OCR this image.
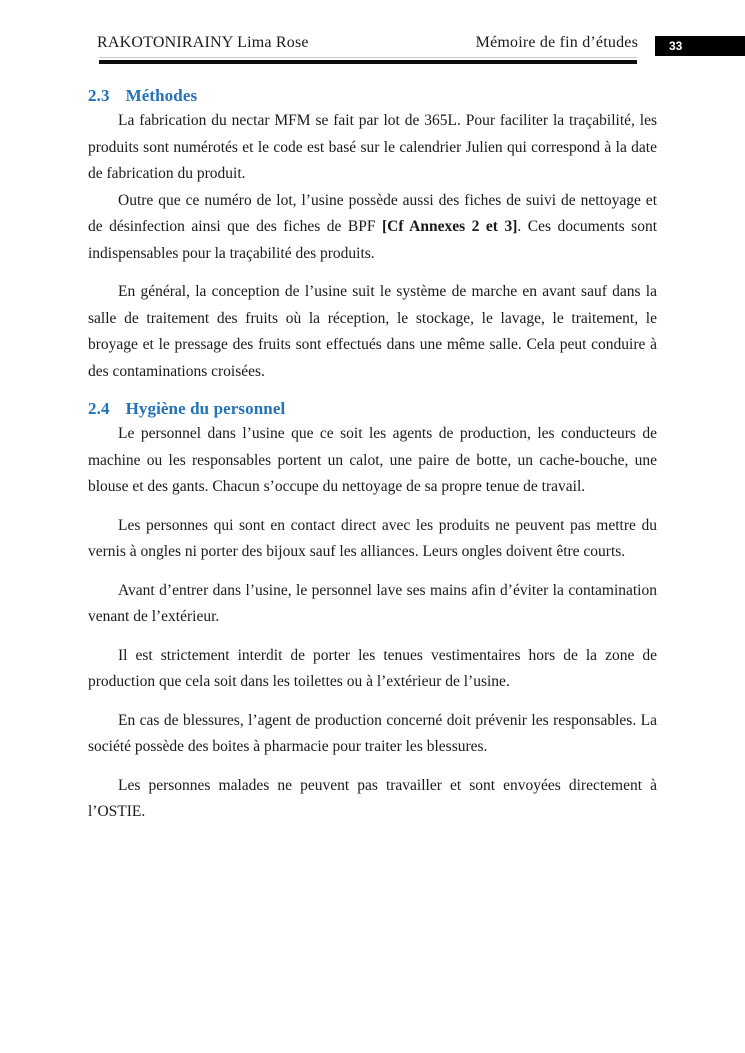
RAKOTONIRAINY Lima Rose	Mémoire de fin d’études	33
2.3 Méthodes

La fabrication du nectar MFM se fait par lot de 365L. Pour faciliter la traçabilité, les produits sont numérotés et le code est basé sur le calendrier Julien qui correspond à la date de fabrication du produit.

Outre que ce numéro de lot, l’usine possède aussi des fiches de suivi de nettoyage et de désinfection ainsi que des fiches de BPF [Cf Annexes 2 et 3]. Ces documents sont indispensables pour la traçabilité des produits.

En général, la conception de l’usine suit le système de marche en avant sauf dans la salle de traitement des fruits où la réception, le stockage, le lavage, le traitement, le broyage et le pressage des fruits sont effectués dans une même salle. Cela peut conduire à des contaminations croisées.

2.4 Hygiène du personnel

Le personnel dans l’usine que ce soit les agents de production, les conducteurs de machine ou les responsables portent un calot, une paire de botte, un cache-bouche, une blouse et des gants. Chacun s’occupe du nettoyage de sa propre tenue de travail.

Les personnes qui sont en contact direct avec les produits ne peuvent pas mettre du vernis à ongles ni porter des bijoux sauf les alliances. Leurs ongles doivent être courts.

Avant d’entrer dans l’usine, le personnel lave ses mains afin d’éviter la contamination venant de l’extérieur.

Il est strictement interdit de porter les tenues vestimentaires hors de la zone de production que cela soit dans les toilettes ou à l’extérieur de l’usine.

En cas de blessures, l’agent de production concerné doit prévenir les responsables. La société possède des boites à pharmacie pour traiter les blessures.

Les personnes malades ne peuvent pas travailler et sont envoyées directement à l’OSTIE.
